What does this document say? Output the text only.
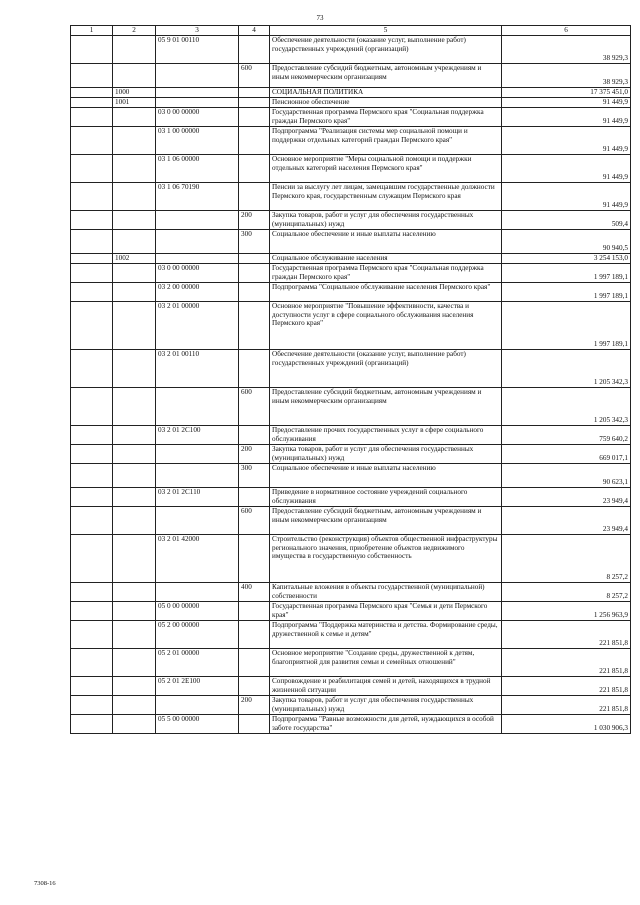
73
1	2	3	4	5	6
		05 9 01 00110		Обеспечение деятельности (оказание услуг, выполнение работ) государственных учреждений (организаций)	38 929,3
			600	Предоставление субсидий бюджетным, автономным учреждениям и иным некоммерческим организациям	38 929,3
	1000			СОЦИАЛЬНАЯ ПОЛИТИКА	17 375 451,0
	1001			Пенсионное обеспечение	91 449,9
		03 0 00 00000		Государственная программа Пермского края "Социальная поддержка граждан Пермского края"	91 449,9
		03 1 00 00000		Подпрограмма "Реализация системы мер социальной помощи и поддержки отдельных категорий граждан Пермского края"	91 449,9
		03 1 06 00000		Основное мероприятие "Меры социальной помощи и поддержки отдельных категорий населения Пермского края"	91 449,9
		03 1 06 70190		Пенсии за выслугу лет лицам, замещавшим государственные должности Пермского края, государственным служащим Пермского края	91 449,9
			200	Закупка товаров, работ и услуг для обеспечения государственных (муниципальных) нужд	509,4
			300	Социальное обеспечение и иные выплаты населению	90 940,5
	1002			Социальное обслуживание населения	3 254 153,0
		03 0 00 00000		Государственная программа Пермского края "Социальная поддержка граждан Пермского края"	1 997 189,1
		03 2 00 00000		Подпрограмма "Социальное обслуживание населения Пермского края"	1 997 189,1
		03 2 01 00000		Основное мероприятие "Повышение эффективности, качества и доступности услуг в сфере социального обслуживания населения Пермского края"	1 997 189,1
		03 2 01 00110		Обеспечение деятельности (оказание услуг, выполнение работ) государственных учреждений (организаций)	1 205 342,3
			600	Предоставление субсидий бюджетным, автономным учреждениям и иным некоммерческим организациям	1 205 342,3
		03 2 01 2С100		Предоставление прочих государственных услуг в сфере социального обслуживания	759 640,2
			200	Закупка товаров, работ и услуг для обеспечения государственных (муниципальных) нужд	669 017,1
			300	Социальное обеспечение и иные выплаты населению	90 623,1
		03 2 01 2С110		Приведение в нормативное состояние учреждений социального обслуживания	23 949,4
			600	Предоставление субсидий бюджетным, автономным учреждениям и иным некоммерческим организациям	23 949,4
		03 2 01 42000		Строительство (реконструкция) объектов общественной инфраструктуры регионального значения, приобретение объектов недвижимого имущества в государственную собственность	8 257,2
			400	Капитальные вложения в объекты государственной (муниципальной) собственности	8 257,2
		05 0 00 00000		Государственная программа Пермского края "Семья и дети Пермского края"	1 256 963,9
		05 2 00 00000		Подпрограмма "Поддержка материнства и детства. Формирование среды, дружественной к семье и детям"	221 851,8
		05 2 01 00000		Основное мероприятие "Создание среды, дружественной к детям, благоприятной для развития семьи и семейных отношений"	221 851,8
		05 2 01 2Е100		Сопровождение и реабилитация семей и детей, находящихся в трудной жизненной ситуации	221 851,8
			200	Закупка товаров, работ и услуг для обеспечения государственных (муниципальных) нужд	221 851,8
		05 5 00 00000		Подпрограмма "Равные возможности для детей, нуждающихся в особой заботе государства"	1 030 906,3
7308-16
